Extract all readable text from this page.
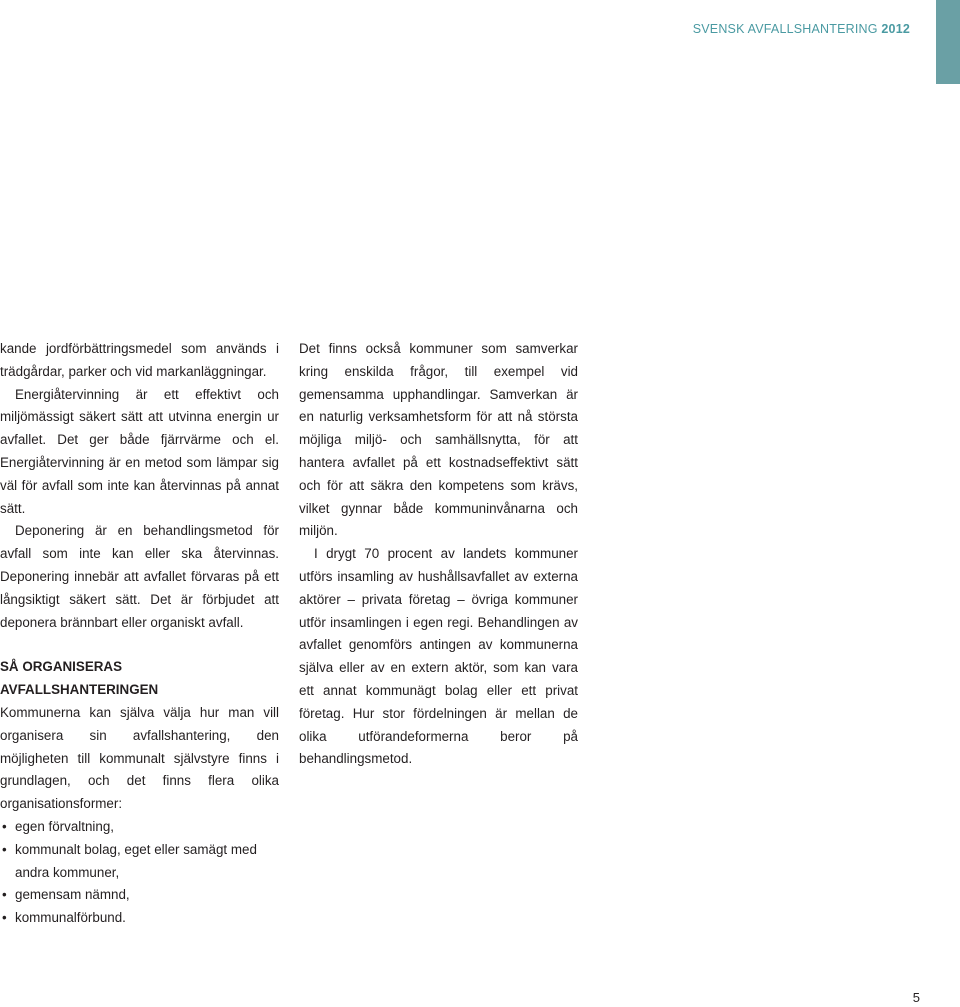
SVENSK AVFALLSHANTERING 2012

kande jordförbättringsmedel som används i trädgårdar, parker och vid markanläggningar.

Energiåtervinning är ett effektivt och miljömässigt säkert sätt att utvinna energin ur avfallet. Det ger både fjärrvärme och el. Energiåtervinning är en metod som lämpar sig väl för avfall som inte kan återvinnas på annat sätt.

Deponering är en behandlingsmetod för avfall som inte kan eller ska återvinnas. Deponering innebär att avfallet förvaras på ett långsiktigt säkert sätt. Det är förbjudet att deponera brännbart eller organiskt avfall.

SÅ ORGANISERAS AVFALLSHANTERINGEN

Kommunerna kan själva välja hur man vill organisera sin avfallshantering, den möjligheten till kommunalt självstyre finns i grundlagen, och det finns flera olika organisationsformer:

• egen förvaltning,
• kommunalt bolag, eget eller samägt med andra kommuner,
• gemensam nämnd,
• kommunalförbund.

Det finns också kommuner som samverkar kring enskilda frågor, till exempel vid gemensamma upphandlingar. Samverkan är en naturlig verksamhetsform för att nå största möjliga miljö- och samhällsnytta, för att hantera avfallet på ett kostnadseffektivt sätt och för att säkra den kompetens som krävs, vilket gynnar både kommuninvånarna och miljön.

I drygt 70 procent av landets kommuner utförs insamling av hushållsavfallet av externa aktörer – privata företag – övriga kommuner utför insamlingen i egen regi. Behandlingen av avfallet genomförs antingen av kommunerna själva eller av en extern aktör, som kan vara ett annat kommunägt bolag eller ett privat företag. Hur stor fördelningen är mellan de olika utförandeformerna beror på behandlingsmetod.

5
